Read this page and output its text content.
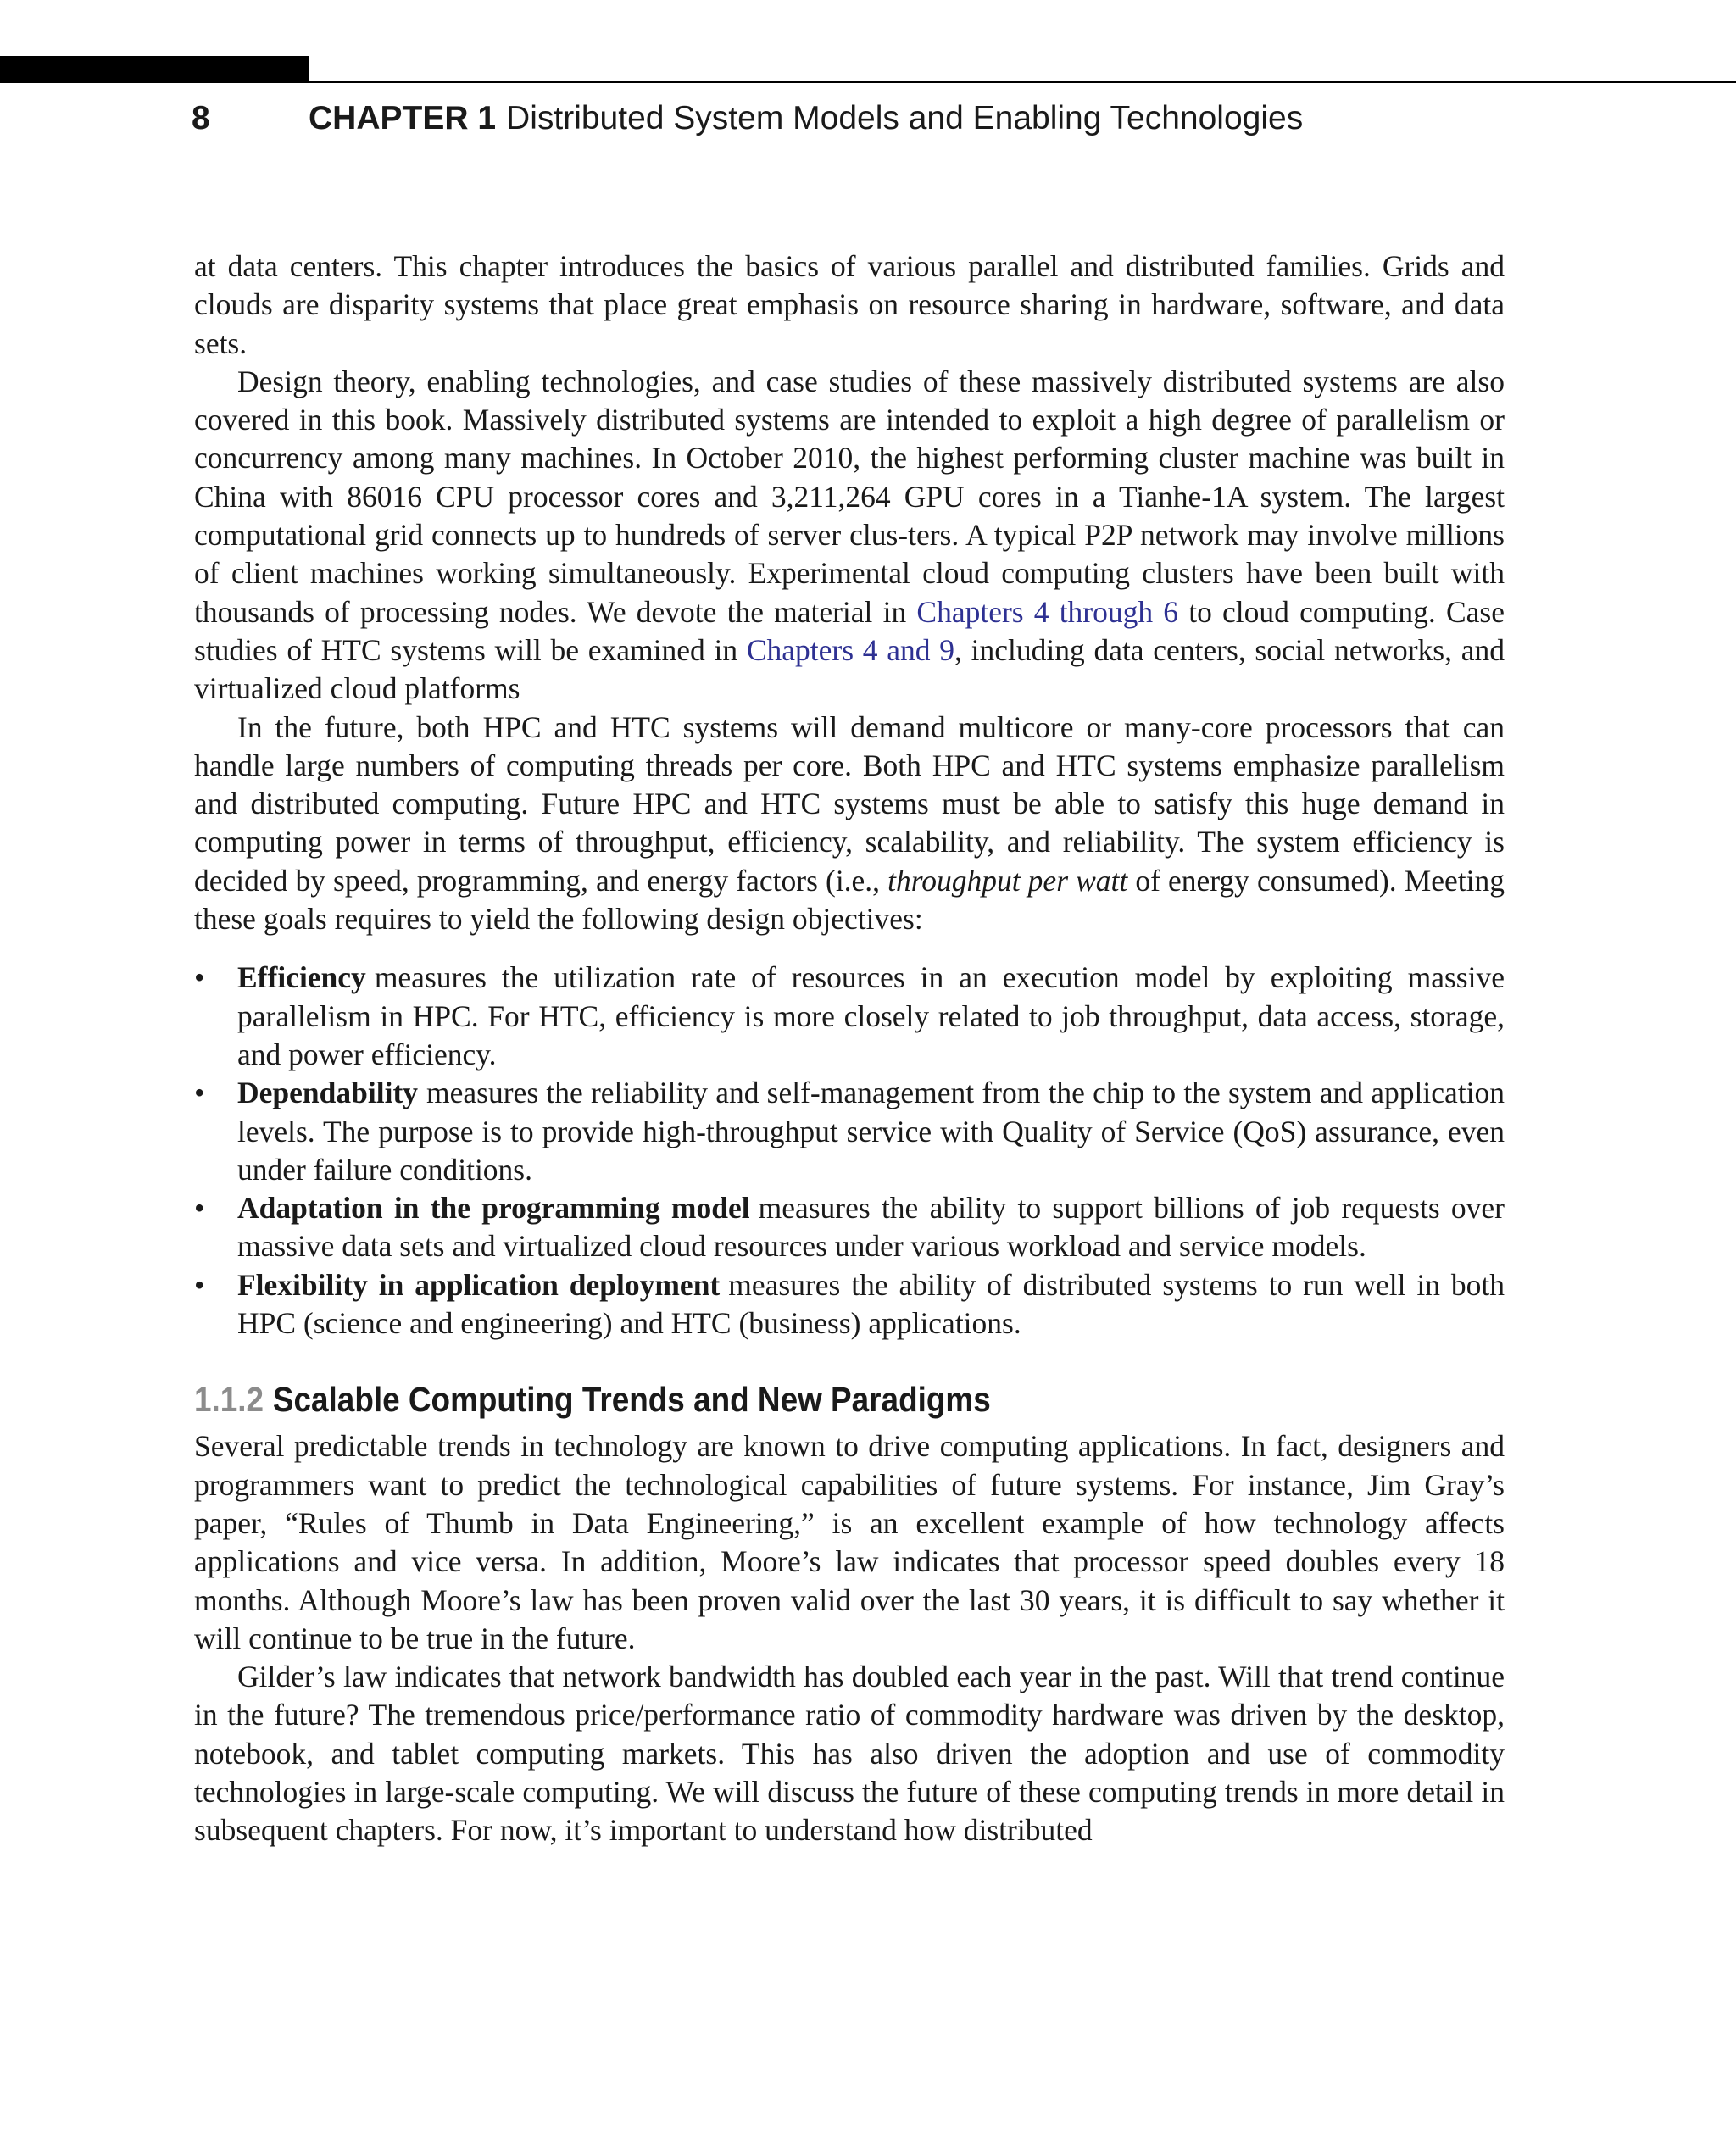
8	CHAPTER 1 Distributed System Models and Enabling Technologies

at data centers. This chapter introduces the basics of various parallel and distributed families. Grids and clouds are disparity systems that place great emphasis on resource sharing in hardware, software, and data sets.

Design theory, enabling technologies, and case studies of these massively distributed systems are also covered in this book. Massively distributed systems are intended to exploit a high degree of parallelism or concurrency among many machines. In October 2010, the highest performing cluster machine was built in China with 86016 CPU processor cores and 3,211,264 GPU cores in a Tianhe-1A system. The largest computational grid connects up to hundreds of server clus-ters. A typical P2P network may involve millions of client machines working simultaneously. Experimental cloud computing clusters have been built with thousands of processing nodes. We devote the material in Chapters 4 through 6 to cloud computing. Case studies of HTC systems will be examined in Chapters 4 and 9, including data centers, social networks, and virtualized cloud platforms

In the future, both HPC and HTC systems will demand multicore or many-core processors that can handle large numbers of computing threads per core. Both HPC and HTC systems emphasize parallelism and distributed computing. Future HPC and HTC systems must be able to satisfy this huge demand in computing power in terms of throughput, efficiency, scalability, and reliability. The system efficiency is decided by speed, programming, and energy factors (i.e., throughput per watt of energy consumed). Meeting these goals requires to yield the following design objectives:

• Efficiency measures the utilization rate of resources in an execution model by exploiting massive parallelism in HPC. For HTC, efficiency is more closely related to job throughput, data access, storage, and power efficiency.
• Dependability measures the reliability and self-management from the chip to the system and application levels. The purpose is to provide high-throughput service with Quality of Service (QoS) assurance, even under failure conditions.
• Adaptation in the programming model measures the ability to support billions of job requests over massive data sets and virtualized cloud resources under various workload and service models.
• Flexibility in application deployment measures the ability of distributed systems to run well in both HPC (science and engineering) and HTC (business) applications.
1.1.2 Scalable Computing Trends and New Paradigms

Several predictable trends in technology are known to drive computing applications. In fact, designers and programmers want to predict the technological capabilities of future systems. For instance, Jim Gray’s paper, “Rules of Thumb in Data Engineering,” is an excellent example of how technology affects applications and vice versa. In addition, Moore’s law indicates that processor speed doubles every 18 months. Although Moore’s law has been proven valid over the last 30 years, it is difficult to say whether it will continue to be true in the future.

Gilder’s law indicates that network bandwidth has doubled each year in the past. Will that trend continue in the future? The tremendous price/performance ratio of commodity hardware was driven by the desktop, notebook, and tablet computing markets. This has also driven the adoption and use of commodity technologies in large-scale computing. We will discuss the future of these computing trends in more detail in subsequent chapters. For now, it’s important to understand how distributed
